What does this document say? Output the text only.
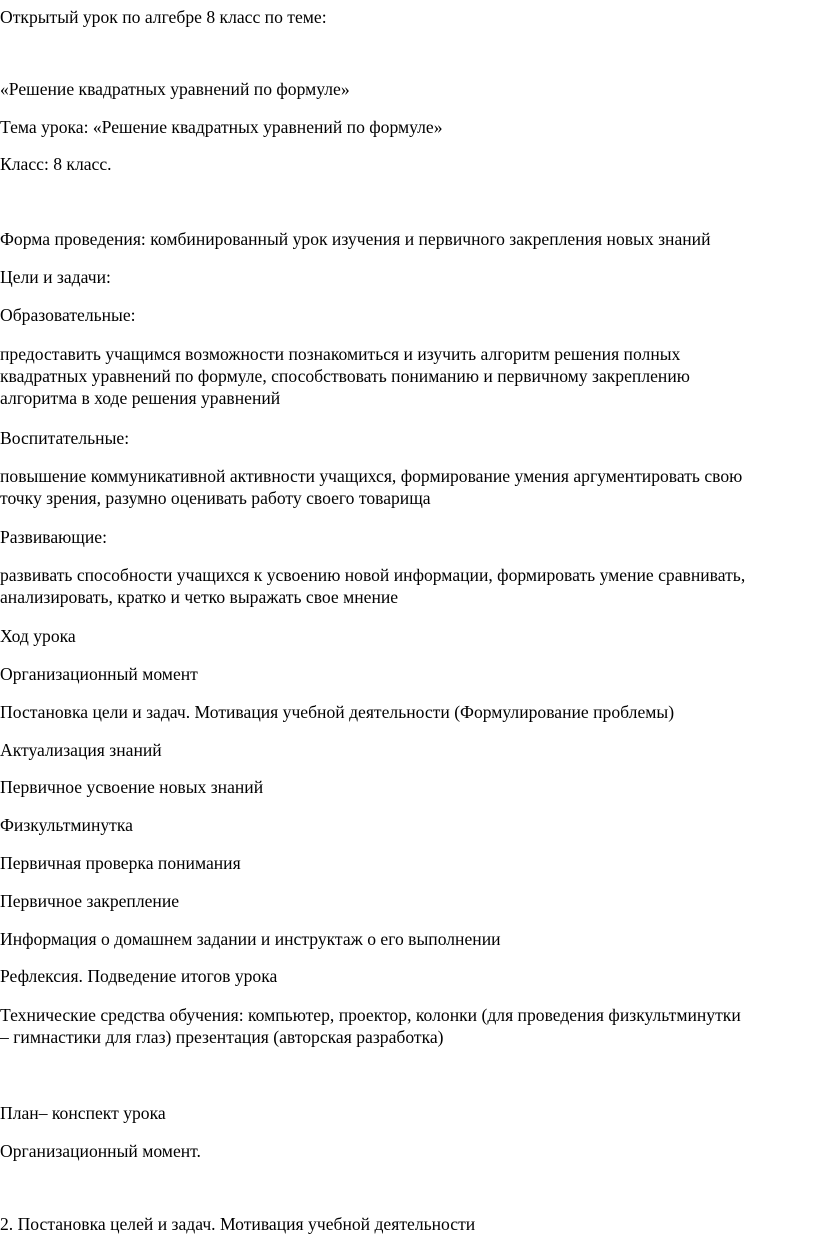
Открытый урок по алгебре 8 класс по теме:

«Решение квадратных уравнений по формуле»

Тема урока: «Решение квадратных уравнений по формуле»

Класс: 8 класс.

Форма проведения: комбинированный урок изучения и первичного закрепления новых знаний

Цели и задачи:

Образовательные:

предоставить учащимся возможности познакомиться и изучить алгоритм решения полных
квадратных уравнений по формуле, способствовать пониманию и первичному закреплению
алгоритма в ходе решения уравнений

Воспитательные:

повышение коммуникативной активности учащихся, формирование умения аргументировать свою
точку зрения, разумно оценивать работу своего товарища

Развивающие:

развивать способности учащихся к усвоению новой информации, формировать умение сравнивать,
анализировать, кратко и четко выражать свое мнение

Ход урока

Организационный момент

Постановка цели и задач. Мотивация учебной деятельности (Формулирование проблемы)

Актуализация знаний

Первичное усвоение новых знаний

Физкультминутка

Первичная проверка понимания

Первичное закрепление

Информация о домашнем задании и инструктаж о его выполнении

Рефлексия. Подведение итогов урока

Технические средства обучения: компьютер, проектор, колонки (для проведения физкультминутки
– гимнастики для глаз) презентация (авторская разработка)

План– конспект урока

Организационный момент.

2. Постановка целей и задач. Мотивация учебной деятельности
